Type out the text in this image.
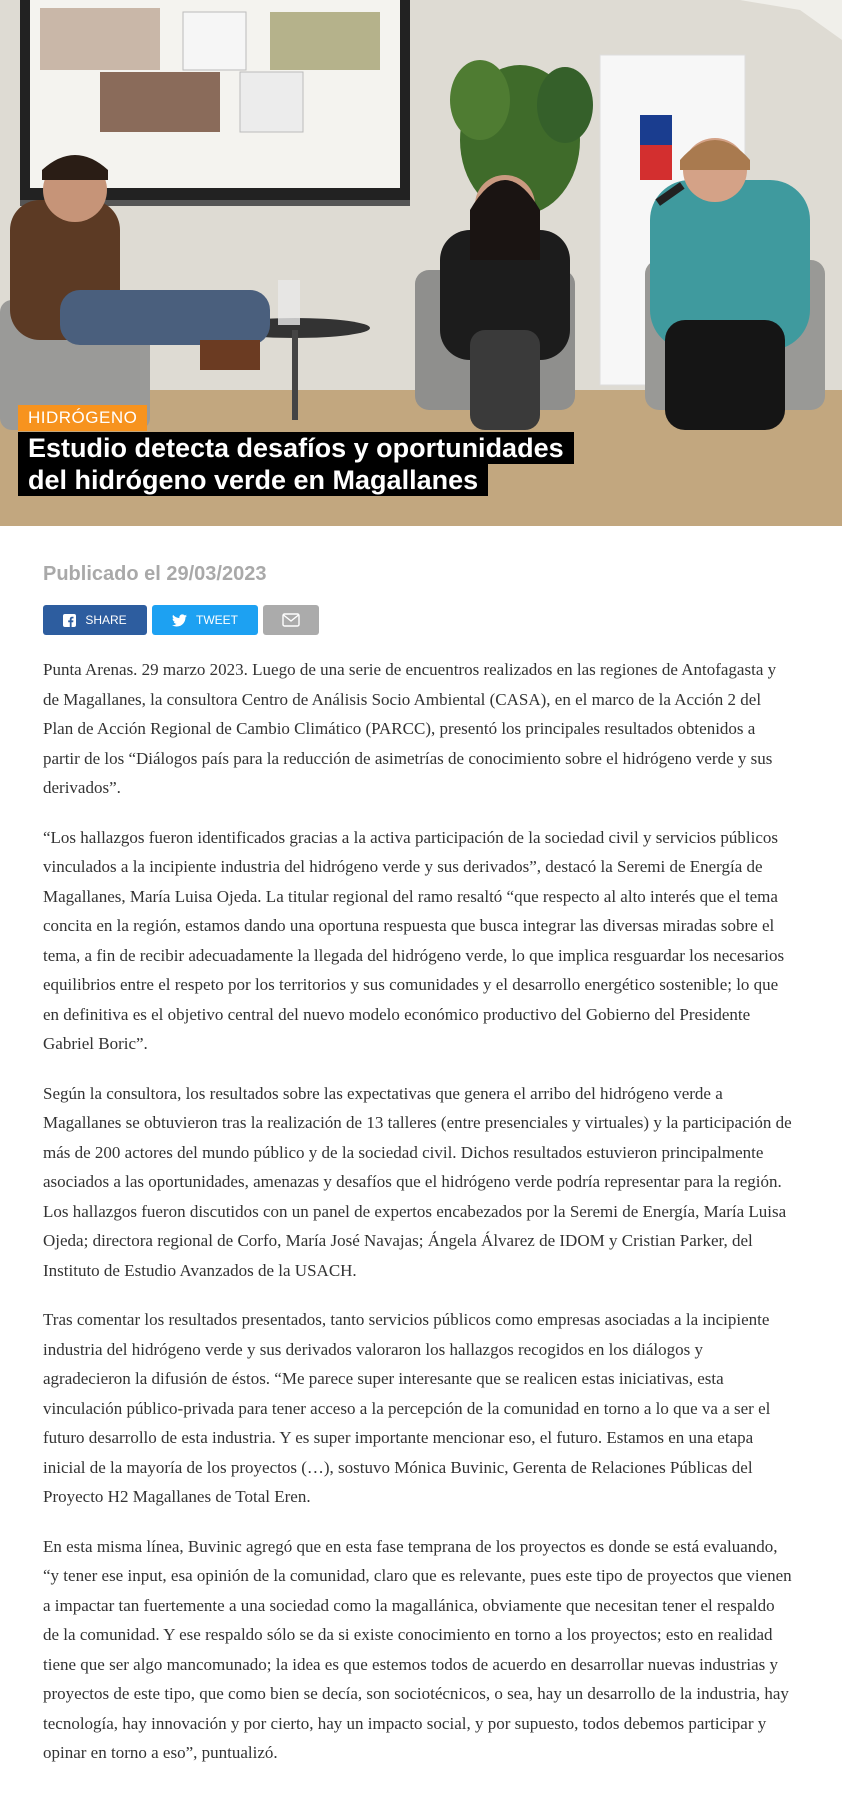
HIDRÓGENO
Estudio detecta desafíos y oportunidades
del hidrógeno verde en Magallanes
Publicado el 29/03/2023
SHARE	TWEET

Punta Arenas. 29 marzo 2023. Luego de una serie de encuentros realizados en las regiones de Antofagasta y de Magallanes, la consultora Centro de Análisis Socio Ambiental (CASA), en el marco de la Acción 2 del Plan de Acción Regional de Cambio Climático (PARCC), presentó los principales resultados obtenidos a partir de los “Diálogos país para la reducción de asimetrías de conocimiento sobre el hidrógeno verde y sus derivados”.

“Los hallazgos fueron identificados gracias a la activa participación de la sociedad civil y servicios públicos vinculados a la incipiente industria del hidrógeno verde y sus derivados”, destacó la Seremi de Energía de Magallanes, María Luisa Ojeda. La titular regional del ramo resaltó “que respecto al alto interés que el tema concita en la región, estamos dando una oportuna respuesta que busca integrar las diversas miradas sobre el tema, a fin de recibir adecuadamente la llegada del hidrógeno verde, lo que implica resguardar los necesarios equilibrios entre el respeto por los territorios y sus comunidades y el desarrollo energético sostenible; lo que en definitiva es el objetivo central del nuevo modelo económico productivo del Gobierno del Presidente Gabriel Boric”.

Según la consultora, los resultados sobre las expectativas que genera el arribo del hidrógeno verde a Magallanes se obtuvieron tras la realización de 13 talleres (entre presenciales y virtuales) y la participación de más de 200 actores del mundo público y de la sociedad civil. Dichos resultados estuvieron principalmente asociados a las oportunidades, amenazas y desafíos que el hidrógeno verde podría representar para la región. Los hallazgos fueron discutidos con un panel de expertos encabezados por la Seremi de Energía, María Luisa Ojeda; directora regional de Corfo, María José Navajas; Ángela Álvarez de IDOM y Cristian Parker, del Instituto de Estudio Avanzados de la USACH.

Tras comentar los resultados presentados, tanto servicios públicos como empresas asociadas a la incipiente industria del hidrógeno verde y sus derivados valoraron los hallazgos recogidos en los diálogos y agradecieron la difusión de éstos. “Me parece super interesante que se realicen estas iniciativas, esta vinculación público-privada para tener acceso a la percepción de la comunidad en torno a lo que va a ser el futuro desarrollo de esta industria. Y es super importante mencionar eso, el futuro. Estamos en una etapa inicial de la mayoría de los proyectos (…), sostuvo Mónica Buvinic, Gerenta de Relaciones Públicas del Proyecto H2 Magallanes de Total Eren.

En esta misma línea, Buvinic agregó que en esta fase temprana de los proyectos es donde se está evaluando, “y tener ese input, esa opinión de la comunidad, claro que es relevante, pues este tipo de proyectos que vienen a impactar tan fuertemente a una sociedad como la magallánica, obviamente que necesitan tener el respaldo de la comunidad. Y ese respaldo sólo se da si existe conocimiento en torno a los proyectos; esto en realidad tiene que ser algo mancomunado; la idea es que estemos todos de acuerdo en desarrollar nuevas industrias y proyectos de este tipo, que como bien se decía, son sociotécnicos, o sea, hay un desarrollo de la industria, hay tecnología, hay innovación y por cierto, hay un impacto social, y por supuesto, todos debemos participar y opinar en torno a eso”, puntualizó.
